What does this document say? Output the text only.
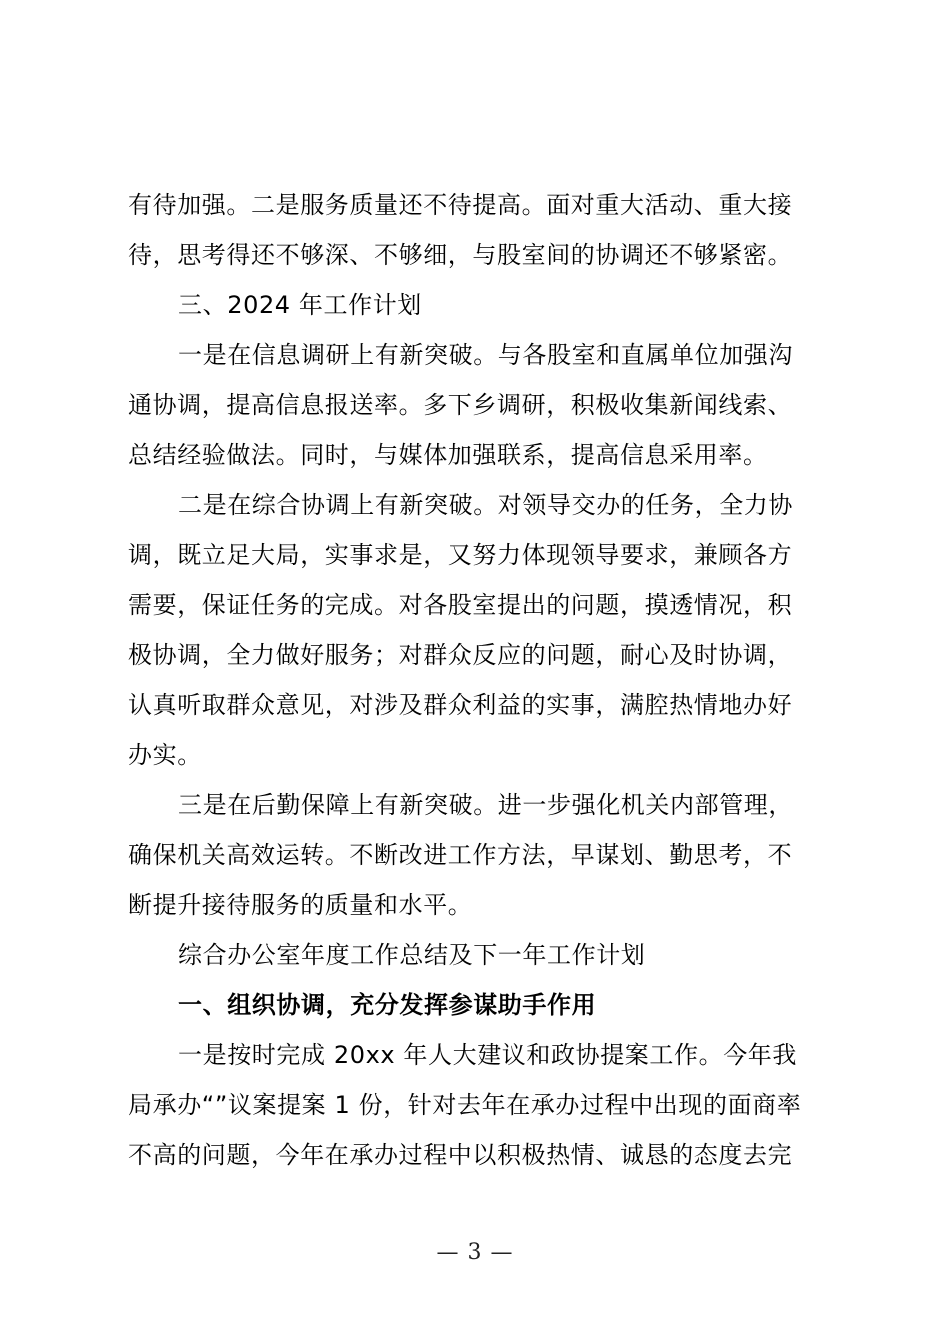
有待加强。二是服务质量还不待提高。面对重大活动、重大接
待，思考得还不够深、不够细，与股室间的协调还不够紧密。
三、2024 年工作计划
一是在信息调研上有新突破。与各股室和直属单位加强沟
通协调，提高信息报送率。多下乡调研，积极收集新闻线索、
总结经验做法。同时，与媒体加强联系，提高信息采用率。
二是在综合协调上有新突破。对领导交办的任务，全力协
调，既立足大局，实事求是，又努力体现领导要求，兼顾各方
需要，保证任务的完成。对各股室提出的问题，摸透情况，积
极协调，全力做好服务；对群众反应的问题，耐心及时协调，
认真听取群众意见，对涉及群众利益的实事，满腔热情地办好
办实。
三是在后勤保障上有新突破。进一步强化机关内部管理，
确保机关高效运转。不断改进工作方法，早谋划、勤思考，不
断提升接待服务的质量和水平。
综合办公室年度工作总结及下一年工作计划
一、组织协调，充分发挥参谋助手作用
一是按时完成 20xx 年人大建议和政协提案工作。今年我
局承办“”议案提案 1 份，针对去年在承办过程中出现的面商率
不高的问题，今年在承办过程中以积极热情、诚恳的态度去完
— 3 —
